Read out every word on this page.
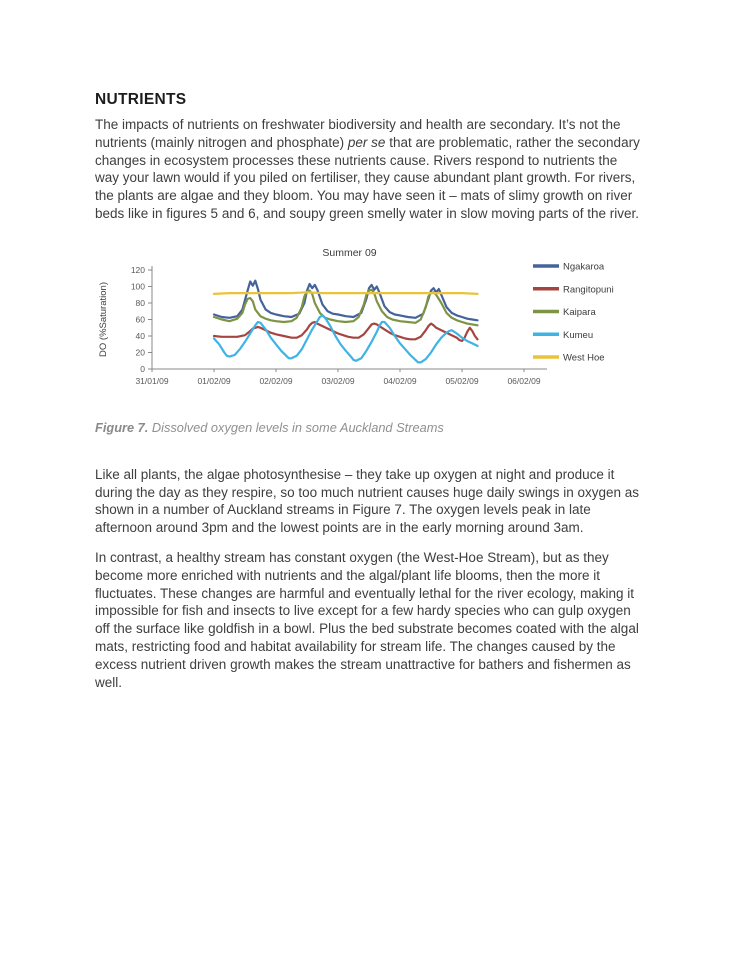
NUTRIENTS

The impacts of nutrients on freshwater biodiversity and health are secondary. It’s not the nutrients (mainly nitrogen and phosphate) per se that are problematic, rather the secondary changes in ecosystem processes these nutrients cause. Rivers respond to nutrients the way your lawn would if you piled on fertiliser, they cause abundant plant growth. For rivers, the plants are algae and they bloom. You may have seen it – mats of slimy growth on river beds like in figures 5 and 6, and soupy green smelly water in slow moving parts of the river.

Summer 09
DO (%Saturation)
0
20
40
60
80
100
120
31/01/09	01/02/09	02/02/09	03/02/09	04/02/09	05/02/09	06/02/09
Ngakaroa
Rangitopuni
Kaipara
Kumeu
West Hoe

Figure 7. Dissolved oxygen levels in some Auckland Streams

Like all plants, the algae photosynthesise – they take up oxygen at night and produce it during the day as they respire, so too much nutrient causes huge daily swings in oxygen as shown in a number of Auckland streams in Figure 7. The oxygen levels peak in late afternoon around 3pm and the lowest points are in the early morning around 3am.

In contrast, a healthy stream has constant oxygen (the West-Hoe Stream), but as they become more enriched with nutrients and the algal/plant life blooms, then the more it fluctuates. These changes are harmful and eventually lethal for the river ecology, making it impossible for fish and insects to live except for a few hardy species who can gulp oxygen off the surface like goldfish in a bowl. Plus the bed substrate becomes coated with the algal mats, restricting food and habitat availability for stream life. The changes caused by the excess nutrient driven growth makes the stream unattractive for bathers and fishermen as well.
